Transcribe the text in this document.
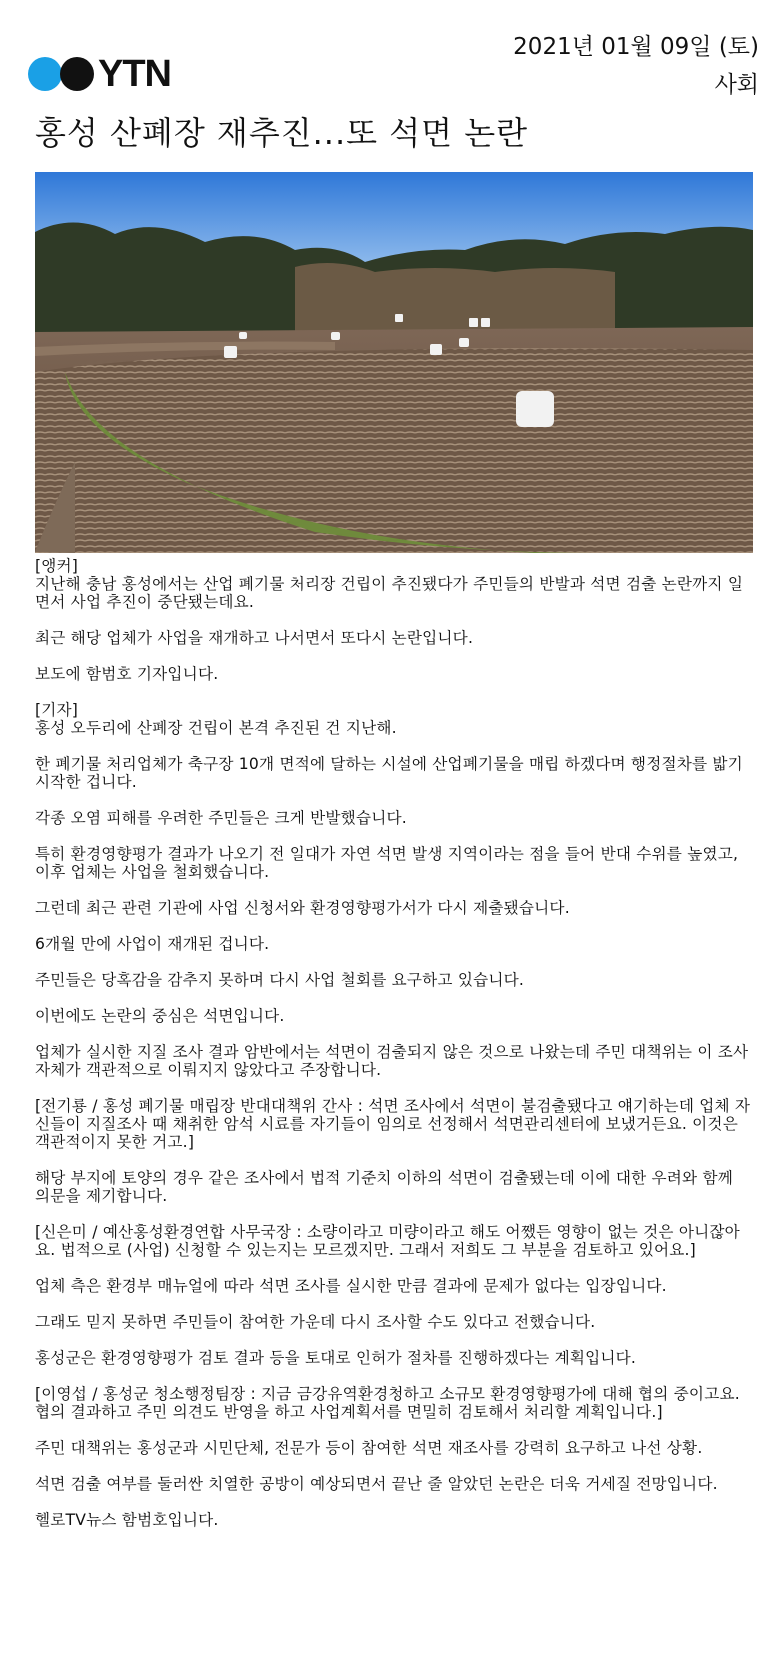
YTN
2021년 01월 09일 (토)
사회
홍성 산폐장 재추진...또 석면 논란

[앵커]

지난해 충남 홍성에서는 산업 폐기물 처리장 건립이 추진됐다가 주민들의 반발과 석면 검출 논란까지 일면서 사업 추진이 중단됐는데요.

최근 해당 업체가 사업을 재개하고 나서면서 또다시 논란입니다.

보도에 함범호 기자입니다.

[기자]

홍성 오두리에 산폐장 건립이 본격 추진된 건 지난해.

한 폐기물 처리업체가 축구장 10개 면적에 달하는 시설에 산업폐기물을 매립 하겠다며 행정절차를 밟기 시작한 겁니다.

각종 오염 피해를 우려한 주민들은 크게 반발했습니다.

특히 환경영향평가 결과가 나오기 전 일대가 자연 석면 발생 지역이라는 점을 들어 반대 수위를 높였고, 이후 업체는 사업을 철회했습니다.

그런데 최근 관련 기관에 사업 신청서와 환경영향평가서가 다시 제출됐습니다.

6개월 만에 사업이 재개된 겁니다.

주민들은 당혹감을 감추지 못하며 다시 사업 철회를 요구하고 있습니다.

이번에도 논란의 중심은 석면입니다.

업체가 실시한 지질 조사 결과 암반에서는 석면이 검출되지 않은 것으로 나왔는데 주민 대책위는 이 조사 자체가 객관적으로 이뤄지지 않았다고 주장합니다.

[전기룡 / 홍성 폐기물 매립장 반대대책위 간사 : 석면 조사에서 석면이 불검출됐다고 얘기하는데 업체 자신들이 지질조사 때 채취한 암석 시료를 자기들이 임의로 선정해서 석면관리센터에 보냈거든요. 이것은 객관적이지 못한 거고.]

해당 부지에 토양의 경우 같은 조사에서 법적 기준치 이하의 석면이 검출됐는데 이에 대한 우려와 함께 의문을 제기합니다.

[신은미 / 예산홍성환경연합 사무국장 : 소량이라고 미량이라고 해도 어쨌든 영향이 없는 것은 아니잖아요. 법적으로 (사업) 신청할 수 있는지는 모르겠지만. 그래서 저희도 그 부분을 검토하고 있어요.]

업체 측은 환경부 매뉴얼에 따라 석면 조사를 실시한 만큼 결과에 문제가 없다는 입장입니다.

그래도 믿지 못하면 주민들이 참여한 가운데 다시 조사할 수도 있다고 전했습니다.

홍성군은 환경영향평가 검토 결과 등을 토대로 인허가 절차를 진행하겠다는 계획입니다.

[이영섭 / 홍성군 청소행정팀장 : 지금 금강유역환경청하고 소규모 환경영향평가에 대해 협의 중이고요. 협의 결과하고 주민 의견도 반영을 하고 사업계획서를 면밀히 검토해서 처리할 계획입니다.]

주민 대책위는 홍성군과 시민단체, 전문가 등이 참여한 석면 재조사를 강력히 요구하고 나선 상황.

석면 검출 여부를 둘러싼 치열한 공방이 예상되면서 끝난 줄 알았던 논란은 더욱 거세질 전망입니다.

헬로TV뉴스 함범호입니다.
